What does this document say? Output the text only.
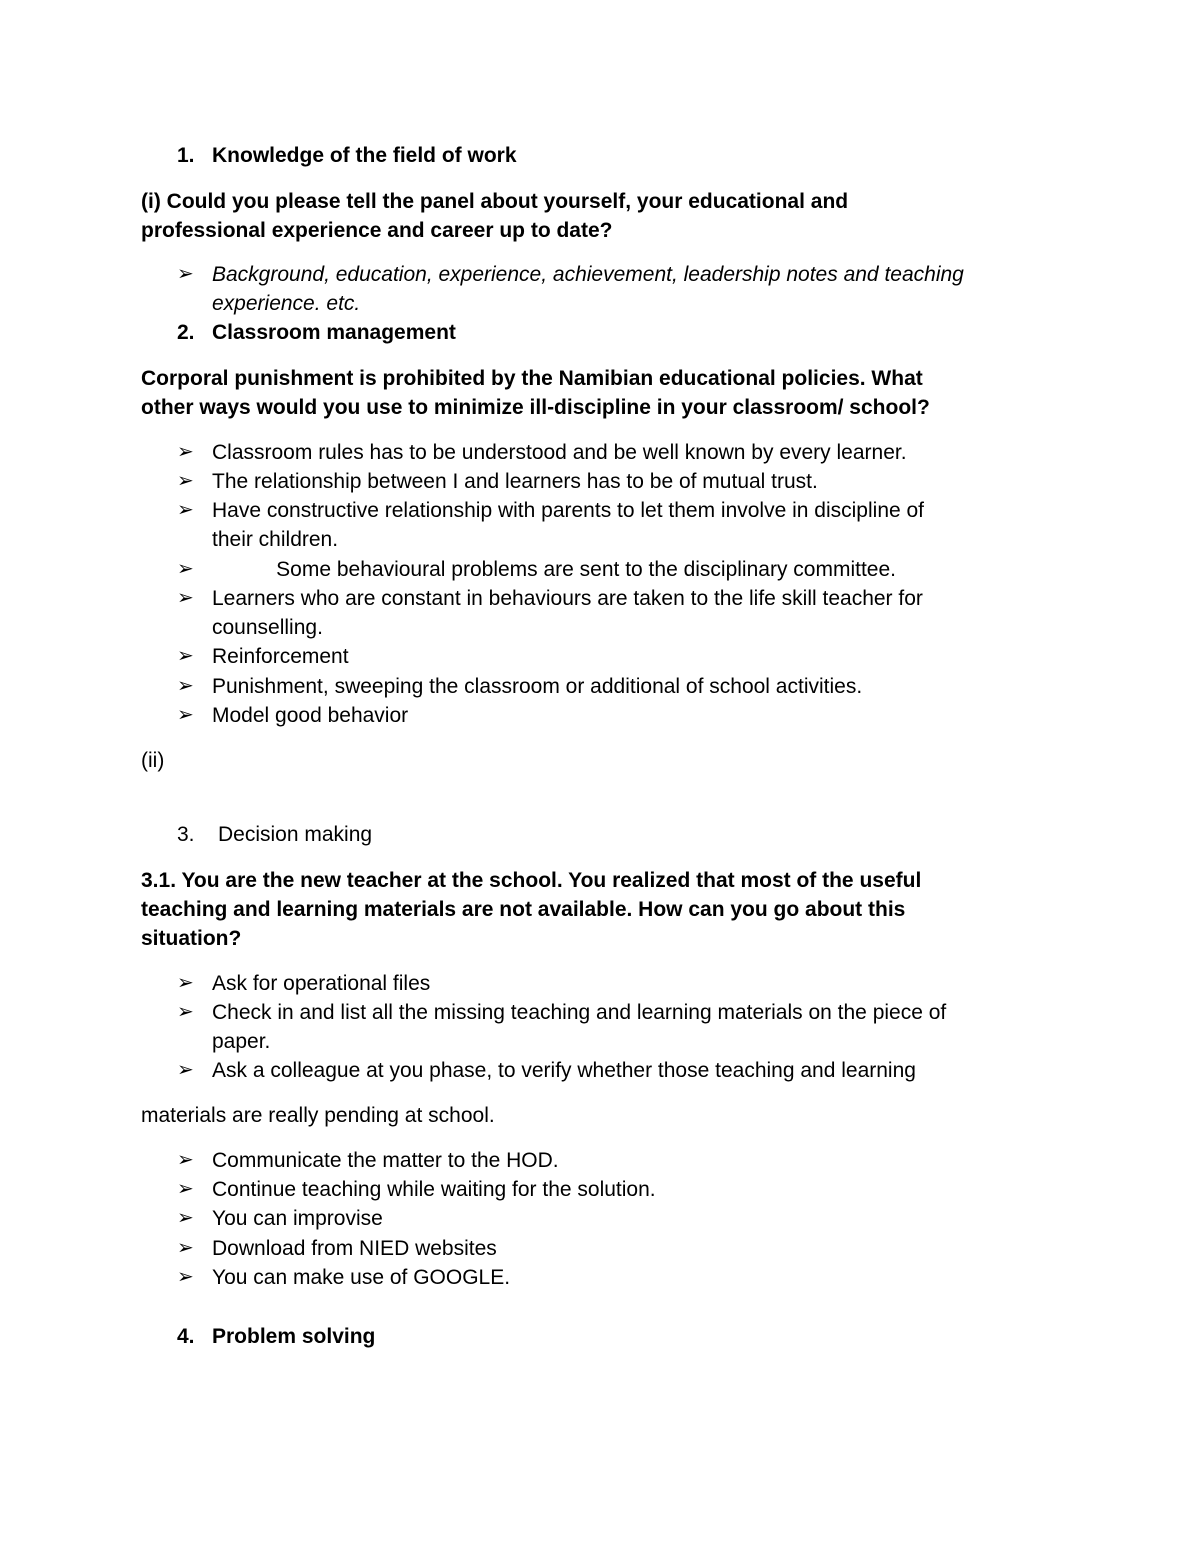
1. Knowledge of the field of work
(i) Could you please tell the panel about yourself, your educational and
professional experience and career up to date?
➢ Background, education, experience, achievement, leadership notes and teaching
experience. etc.
2. Classroom management
Corporal punishment is prohibited by the Namibian educational policies. What
other ways would you use to minimize ill-discipline in your classroom/ school?
➢ Classroom rules has to be understood and be well known by every learner.
➢ The relationship between I and learners has to be of mutual trust.
➢ Have constructive relationship with parents to let them involve in discipline of
their children.
➢ Some behavioural problems are sent to the disciplinary committee.
➢ Learners who are constant in behaviours are taken to the life skill teacher for
counselling.
➢ Reinforcement
➢ Punishment, sweeping the classroom or additional of school activities.
➢ Model good behavior
(ii)
3. Decision making
3.1. You are the new teacher at the school. You realized that most of the useful
teaching and learning materials are not available. How can you go about this
situation?
➢ Ask for operational files
➢ Check in and list all the missing teaching and learning materials on the piece of
paper.
➢ Ask a colleague at you phase, to verify whether those teaching and learning
materials are really pending at school.
➢ Communicate the matter to the HOD.
➢ Continue teaching while waiting for the solution.
➢ You can improvise
➢ Download from NIED websites
➢ You can make use of GOOGLE.
4. Problem solving
